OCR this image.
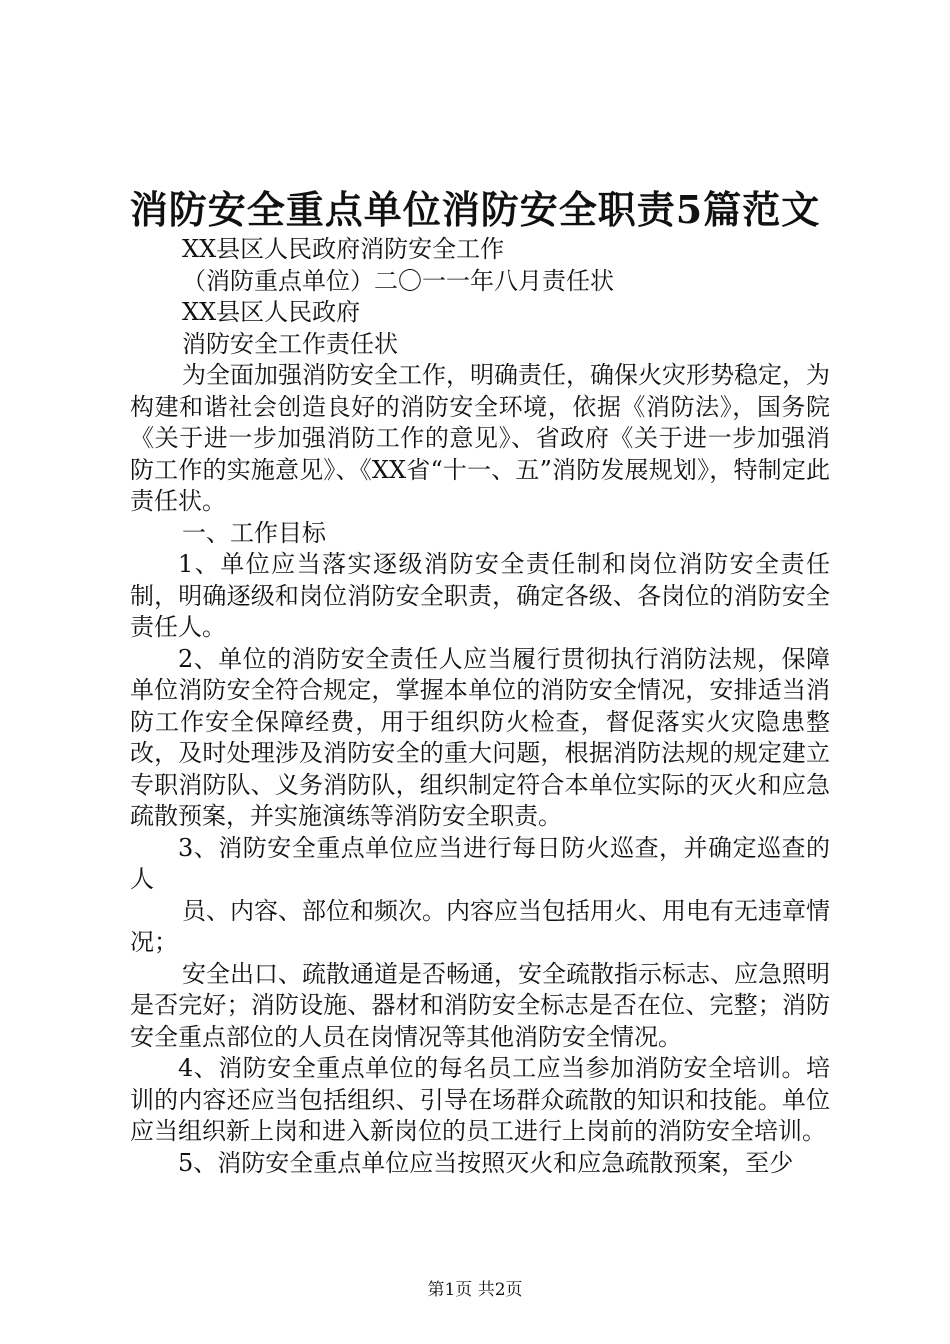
消防安全重点单位消防安全职责5篇范文

XX县区人民政府消防安全工作

（消防重点单位）二〇一一年八月责任状

XX县区人民政府

消防安全工作责任状

为全面加强消防安全工作，明确责任，确保火灾形势稳定，为构建和谐社会创造良好的消防安全环境，依据《消防法》，国务院《关于进一步加强消防工作的意见》、省政府《关于进一步加强消防工作的实施意见》、《XX省“十一、五”消防发展规划》，特制定此责任状。

一、工作目标

1、单位应当落实逐级消防安全责任制和岗位消防安全责任制，明确逐级和岗位消防安全职责，确定各级、各岗位的消防安全责任人。

2、单位的消防安全责任人应当履行贯彻执行消防法规，保障单位消防安全符合规定，掌握本单位的消防安全情况，安排适当消防工作安全保障经费，用于组织防火检查，督促落实火灾隐患整改，及时处理涉及消防安全的重大问题，根据消防法规的规定建立专职消防队、义务消防队，组织制定符合本单位实际的灭火和应急疏散预案，并实施演练等消防安全职责。

3、消防安全重点单位应当进行每日防火巡查，并确定巡查的人

员、内容、部位和频次。内容应当包括用火、用电有无违章情况；

安全出口、疏散通道是否畅通，安全疏散指示标志、应急照明是否完好；消防设施、器材和消防安全标志是否在位、完整；消防安全重点部位的人员在岗情况等其他消防安全情况。

4、消防安全重点单位的每名员工应当参加消防安全培训。培训的内容还应当包括组织、引导在场群众疏散的知识和技能。单位应当组织新上岗和进入新岗位的员工进行上岗前的消防安全培训。

5、消防安全重点单位应当按照灭火和应急疏散预案，至少

第1页 共2页
